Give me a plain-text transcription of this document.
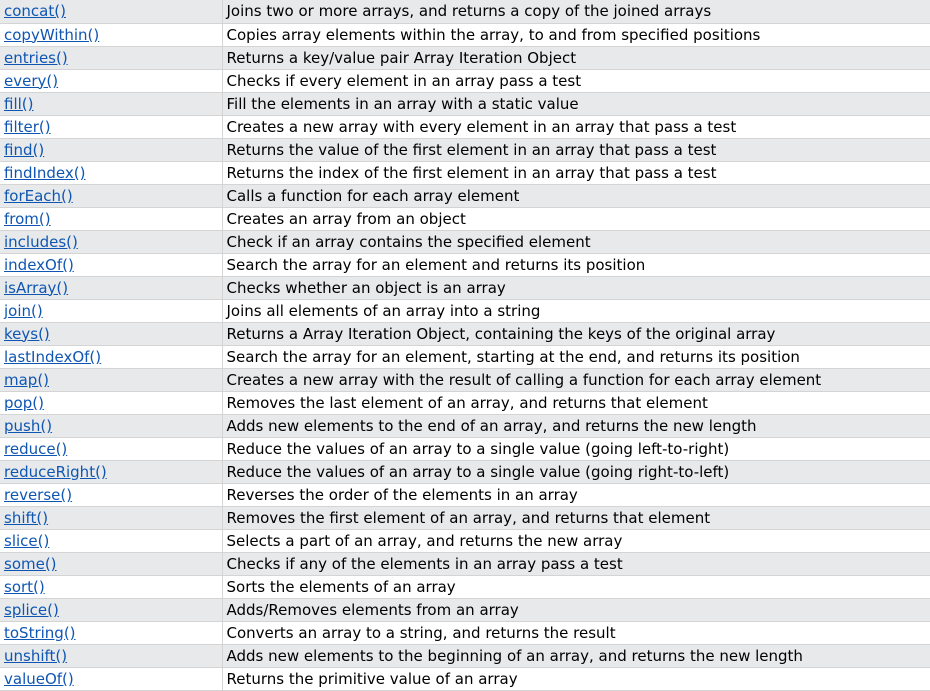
concat()	Joins two or more arrays, and returns a copy of the joined arrays
copyWithin()	Copies array elements within the array, to and from specified positions
entries()	Returns a key/value pair Array Iteration Object
every()	Checks if every element in an array pass a test
fill()	Fill the elements in an array with a static value
filter()	Creates a new array with every element in an array that pass a test
find()	Returns the value of the first element in an array that pass a test
findIndex()	Returns the index of the first element in an array that pass a test
forEach()	Calls a function for each array element
from()	Creates an array from an object
includes()	Check if an array contains the specified element
indexOf()	Search the array for an element and returns its position
isArray()	Checks whether an object is an array
join()	Joins all elements of an array into a string
keys()	Returns a Array Iteration Object, containing the keys of the original array
lastIndexOf()	Search the array for an element, starting at the end, and returns its position
map()	Creates a new array with the result of calling a function for each array element
pop()	Removes the last element of an array, and returns that element
push()	Adds new elements to the end of an array, and returns the new length
reduce()	Reduce the values of an array to a single value (going left-to-right)
reduceRight()	Reduce the values of an array to a single value (going right-to-left)
reverse()	Reverses the order of the elements in an array
shift()	Removes the first element of an array, and returns that element
slice()	Selects a part of an array, and returns the new array
some()	Checks if any of the elements in an array pass a test
sort()	Sorts the elements of an array
splice()	Adds/Removes elements from an array
toString()	Converts an array to a string, and returns the result
unshift()	Adds new elements to the beginning of an array, and returns the new length
valueOf()	Returns the primitive value of an array
